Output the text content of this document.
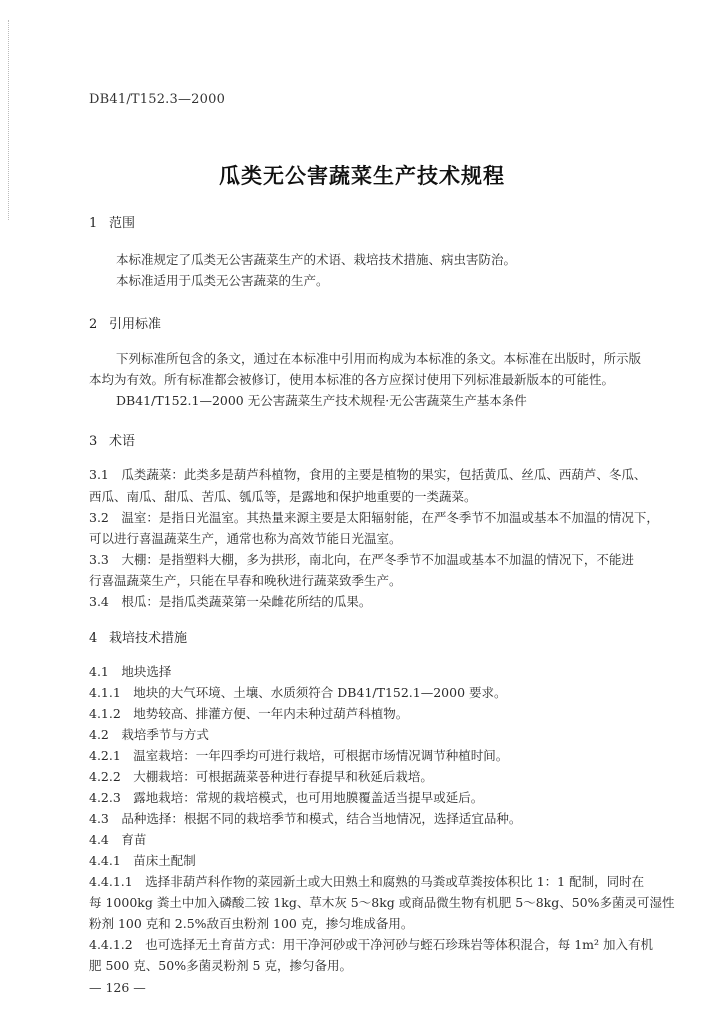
DB41/T152.3—2000
瓜类无公害蔬菜生产技术规程
1 范围
本标准规定了瓜类无公害蔬菜生产的术语、栽培技术措施、病虫害防治。
本标准适用于瓜类无公害蔬菜的生产。
2 引用标准
下列标准所包含的条文，通过在本标准中引用而构成为本标准的条文。本标准在出版时，所示版
本均为有效。所有标准都会被修订，使用本标准的各方应探讨使用下列标准最新版本的可能性。
DB41/T152.1—2000 无公害蔬菜生产技术规程·无公害蔬菜生产基本条件
3 术语
3.1　瓜类蔬菜：此类多是葫芦科植物，食用的主要是植物的果实，包括黄瓜、丝瓜、西葫芦、冬瓜、
西瓜、南瓜、甜瓜、苦瓜、瓠瓜等，是露地和保护地重要的一类蔬菜。
3.2　温室：是指日光温室。其热量来源主要是太阳辐射能，在严冬季节不加温或基本不加温的情况下，
可以进行喜温蔬菜生产，通常也称为高效节能日光温室。
3.3　大棚：是指塑料大棚，多为拱形，南北向，在严冬季节不加温或基本不加温的情况下，不能进
行喜温蔬菜生产，只能在早春和晚秋进行蔬菜致季生产。
3.4　根瓜：是指瓜类蔬菜第一朵雌花所结的瓜果。
4 栽培技术措施
4.1　地块选择
4.1.1　地块的大气环境、土壤、水质须符合 DB41/T152.1—2000 要求。
4.1.2　地势较高、排灌方便、一年内未种过葫芦科植物。
4.2　栽培季节与方式
4.2.1　温室栽培：一年四季均可进行栽培，可根据市场情况调节种植时间。
4.2.2　大棚栽培：可根据蔬菜품种进行春提早和秋延后栽培。
4.2.3　露地栽培：常规的栽培模式，也可用地膜覆盖适当提早或延后。
4.3　品种选择：根据不同的栽培季节和模式，结合当地情况，选择适宜品种。
4.4　育苗
4.4.1　苗床土配制
4.4.1.1　选择非葫芦科作物的菜园新土或大田熟土和腐熟的马粪或草粪按体积比 1：1 配制，同时在
每 1000kg 粪土中加入磷酸二铵 1kg、草木灰 5～8kg 或商品微生物有机肥 5～8kg、50%多菌灵可湿性
粉剂 100 克和 2.5%敌百虫粉剂 100 克，掺匀堆成备用。
4.4.1.2　也可选择无土育苗方式：用干净河砂或干净河砂与蛭石珍珠岩等体积混合，每 1m² 加入有机
肥 500 克、50%多菌灵粉剂 5 克，掺匀备用。
— 126 —
